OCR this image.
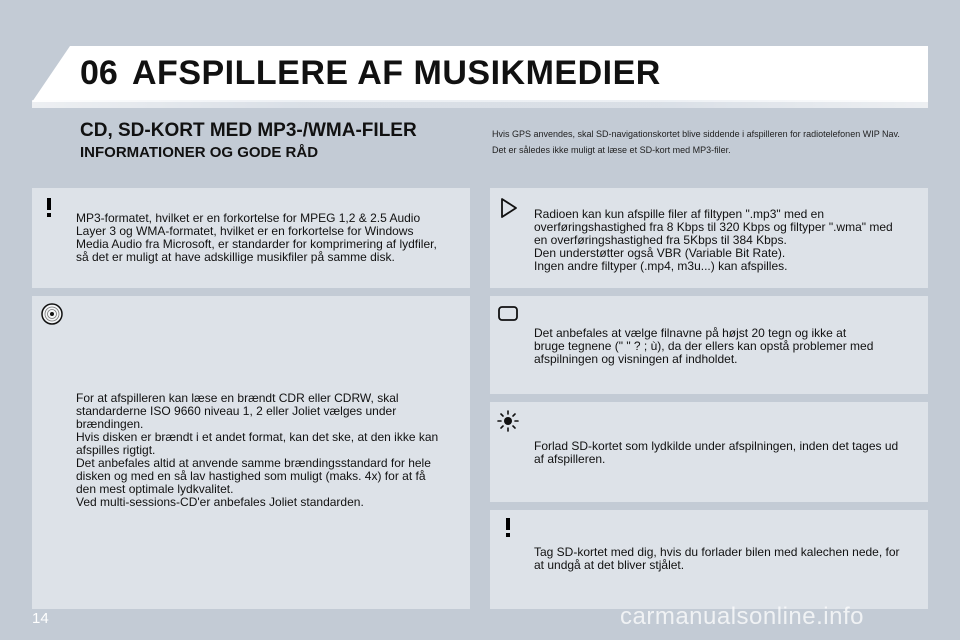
06 AFSPILLERE AF MUSIKMEDIER
CD, SD-KORT MED MP3-/WMA-FILER
INFORMATIONER OG GODE RÅD
Hvis GPS anvendes, skal SD-navigationskortet blive siddende i afspilleren for radiotelefonen WIP Nav.
Det er således ikke muligt at læse et SD-kort med MP3-filer.
MP3-formatet, hvilket er en forkortelse for MPEG 1,2 & 2.5 Audio
Layer 3 og WMA-formatet, hvilket er en forkortelse for Windows
Media Audio fra Microsoft, er standarder for komprimering af lydfiler,
så det er muligt at have adskillige musikfiler på samme disk.
For at afspilleren kan læse en brændt CDR eller CDRW, skal
standarderne ISO 9660 niveau 1, 2 eller Joliet vælges under
brændingen.
Hvis disken er brændt i et andet format, kan det ske, at den ikke kan
afspilles rigtigt.
Det anbefales altid at anvende samme brændingsstandard for hele
disken og med en så lav hastighed som muligt (maks. 4x) for at få
den mest optimale lydkvalitet.
Ved multi-sessions-CD'er anbefales Joliet standarden.
Radioen kan kun afspille filer af filtypen ".mp3" med en
overføringshastighed fra 8 Kbps til 320 Kbps og filtyper ".wma" med
en overføringshastighed fra 5Kbps til 384 Kbps.
Den understøtter også VBR (Variable Bit Rate).
Ingen andre filtyper (.mp4, m3u...) kan afspilles.
Det anbefales at vælge filnavne på højst 20 tegn og ikke at
bruge tegnene (" " ? ; ù), da der ellers kan opstå problemer med
afspilningen og visningen af indholdet.
Forlad SD-kortet som lydkilde under afspilningen, inden det tages ud
af afspilleren.
Tag SD-kortet med dig, hvis du forlader bilen med kalechen nede, for
at undgå at det bliver stjålet.
14	carmanualsonline.info
